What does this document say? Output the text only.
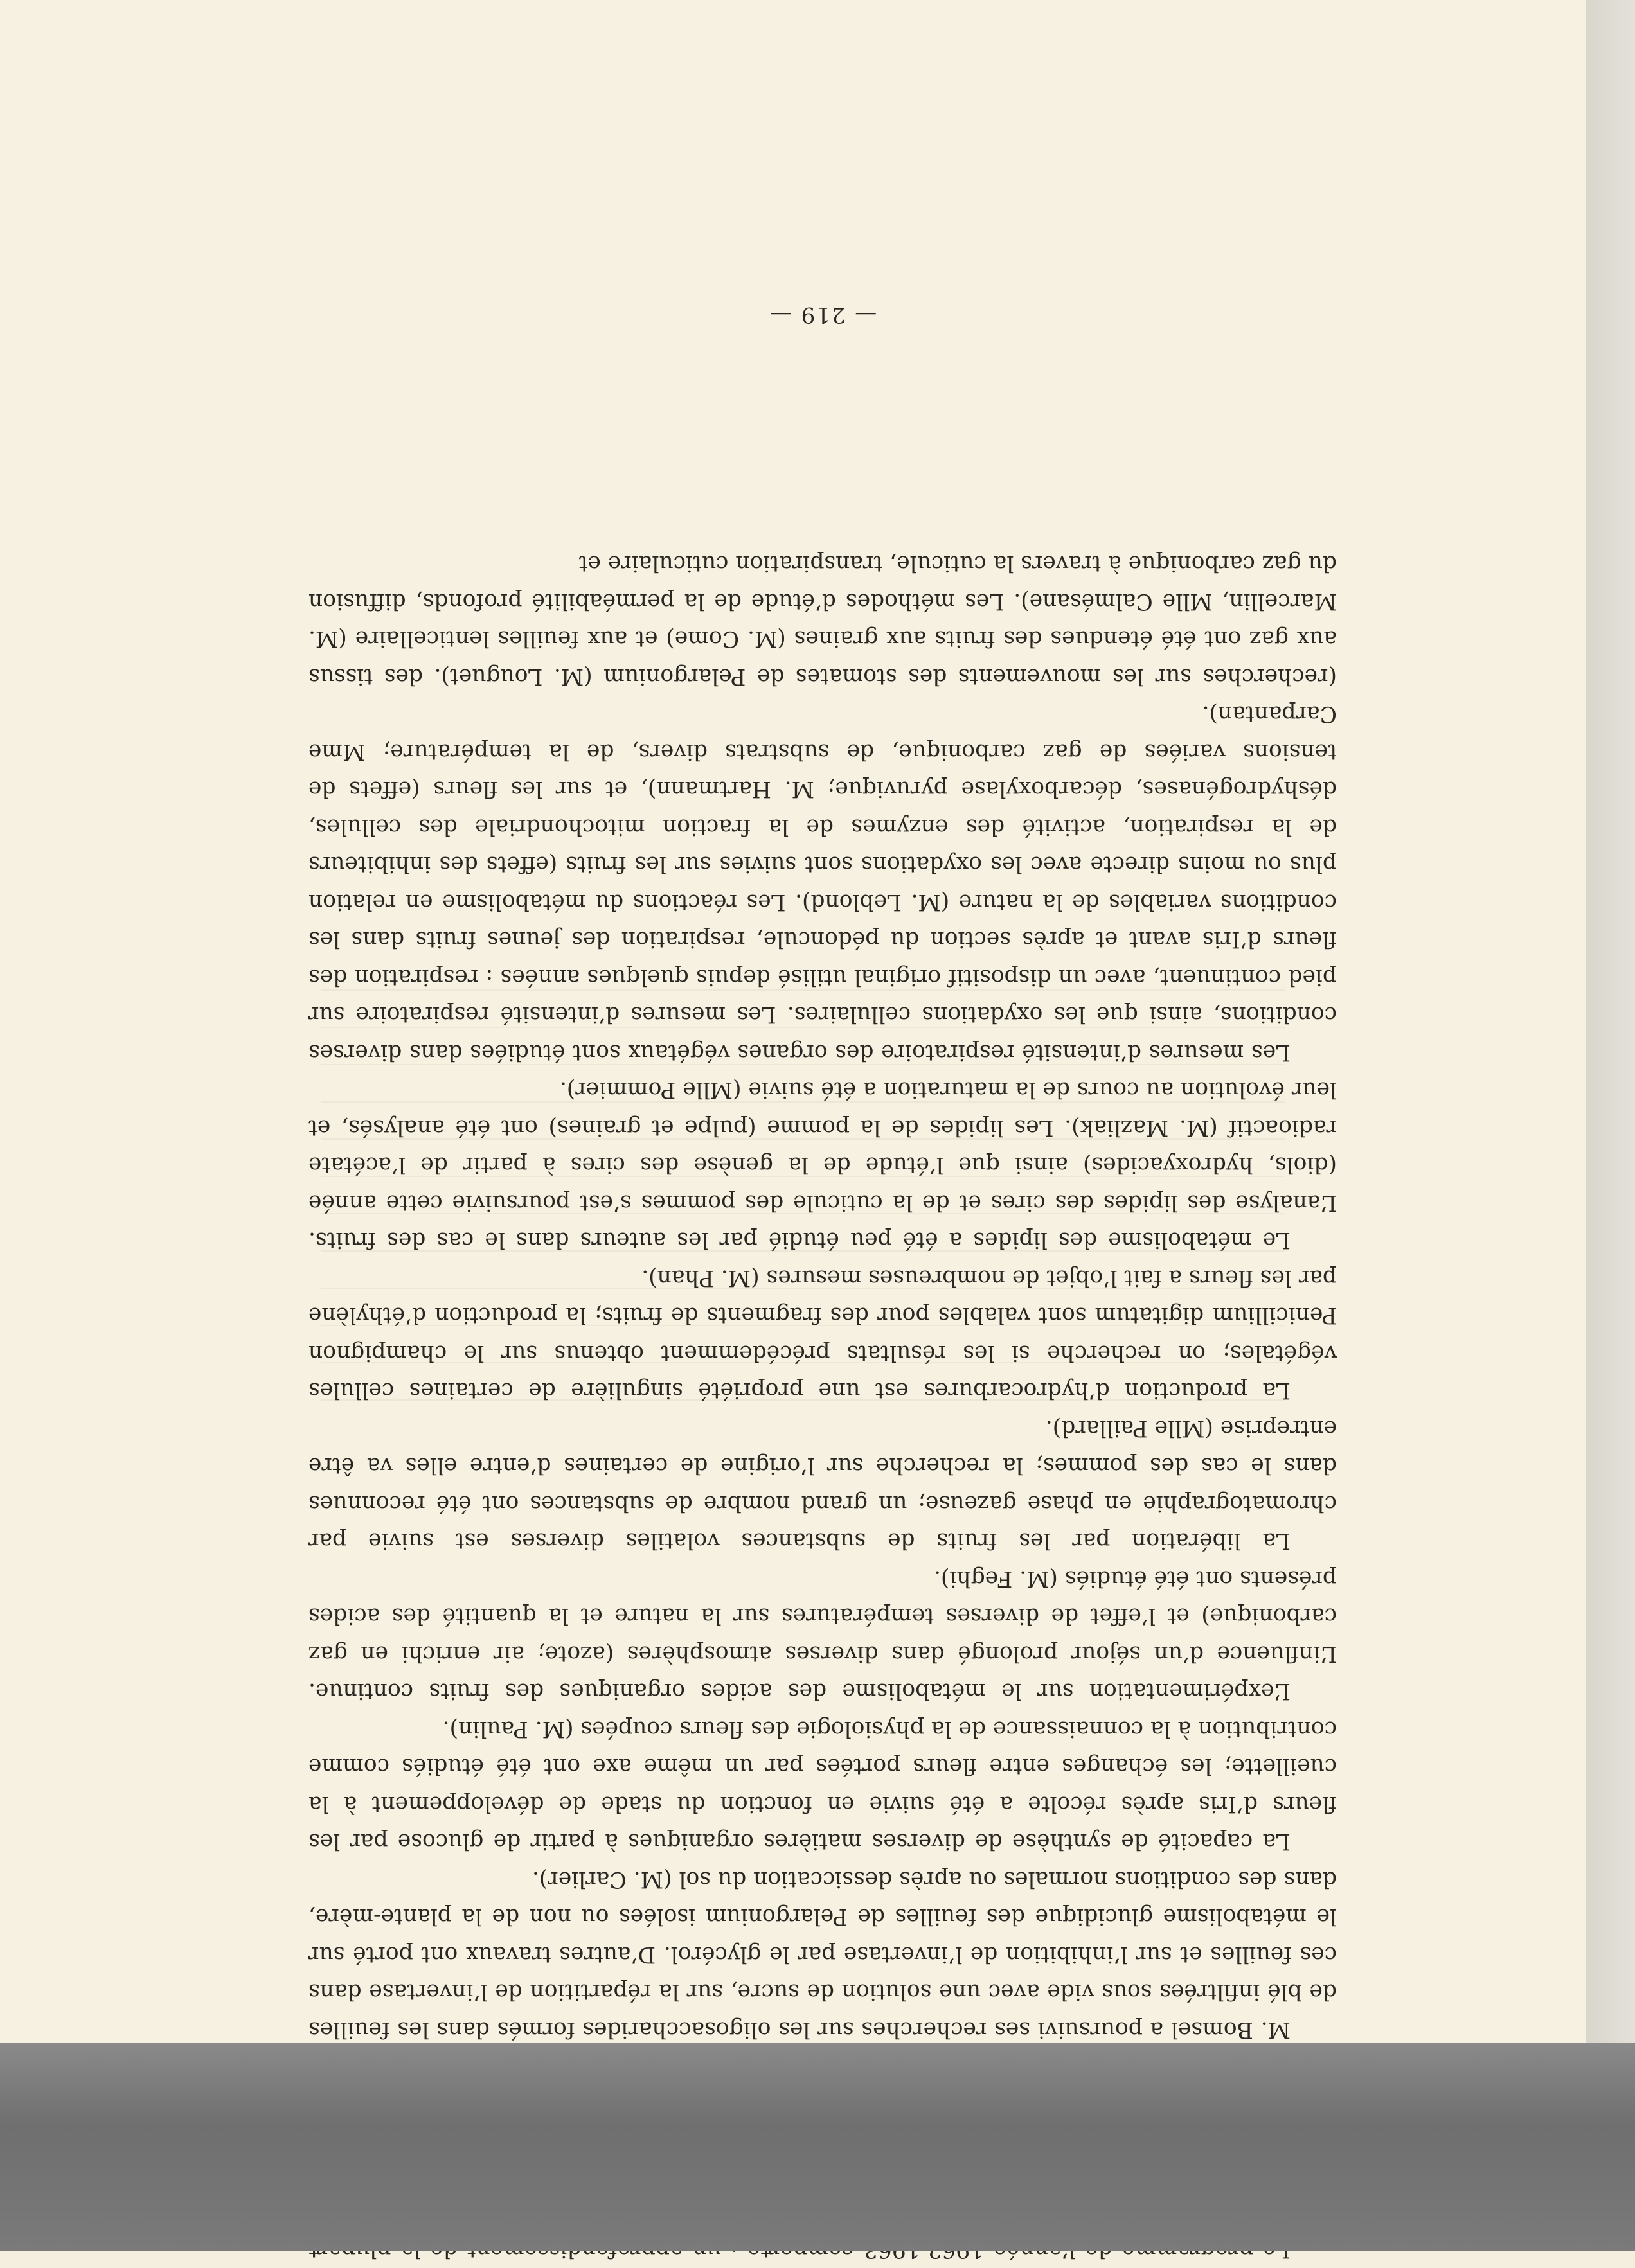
M. Bomsel a poursuivi ses recherches sur les oligosaccharides formés dans les feuilles de blé infiltrées sous vide avec une solution de sucre, sur la répartition de l’invertase dans ces feuilles et sur l’inhibition de l’invertase par le glycérol. D’autres travaux ont porté sur le métabolisme glucidique des feuilles de Pelargonium isolées ou non de la plante-mère, dans des conditions normales ou après dessiccation du sol (M. Carlier).

La capacité de synthèse de diverses matières organiques à partir de glucose par les fleurs d’Iris après récolte a été suivie en fonction du stade de développement à la cueillette; les échanges entre fleurs portées par un même axe ont été étudiés comme contribution à la connaissance de la physiologie des fleurs coupées (M. Paulin).

L’expérimentation sur le métabolisme des acides organiques des fruits continue. L’influence d’un séjour prolongé dans diverses atmosphères (azote; air enrichi en gaz carbonique) et l’effet de diverses températures sur la nature et la quantité des acides présents ont été étudiés (M. Feghi).

La libération par les fruits de substances volatiles diverses est suivie par chromatographie en phase gazeuse; un grand nombre de substances ont été reconnues dans le cas des pommes; la recherche sur l’origine de certaines d’entre elles va être entreprise (Mlle Paillard).

La production d’hydrocarbures est une propriété singulière de certaines cellules végétales; on recherche si les résultats précédemment obtenus sur le champignon Penicillium digitatum sont valables pour des fragments de fruits; la production d’éthylène par les fleurs a fait l’objet de nombreuses mesures (M. Phan).

Le métabolisme des lipides a été peu étudié par les auteurs dans le cas des fruits. L’analyse des lipides des cires et de la cuticule des pommes s’est poursuivie cette année (diols, hydroxyacides) ainsi que l’étude de la genèse des cires à partir de l’acétate radioactif (M. Mazliak). Les lipides de la pomme (pulpe et graines) ont été analysés, et leur évolution au cours de la maturation a été suivie (Mlle Pommier).

Les mesures d’intensité respiratoire des organes végétaux sont étudiées dans diverses conditions, ainsi que les oxydations cellulaires. Les mesures d’intensité respiratoire sur pied continuent, avec un dispositif original utilisé depuis quelques années : respiration des fleurs d’Iris avant et après section du pédoncule, respiration des jeunes fruits dans les conditions variables de la nature (M. Leblond). Les réactions du métabolisme en relation plus ou moins directe avec les oxydations sont suivies sur les fruits (effets des inhibiteurs de la respiration, activité des enzymes de la fraction mitochondriale des cellules, déshydrogénases, décarboxylase pyruvique; M. Hartmann), et sur les fleurs (effets de tensions variées de gaz carbonique, de substrats divers, de la température; Mme Carpantan).

(recherches sur les mouvements des stomates de Pelargonium (M. Louguet). des tissus aux gaz ont été étendues des fruits aux graines (M. Come) et aux feuilles lenticellaire (M. Marcellin, Mlle Calmésane). Les méthodes d’étude de la perméabilité profonds, diffusion du gaz carbonique à travers la cuticule, transpiration cuticulaire et

— 219 —
